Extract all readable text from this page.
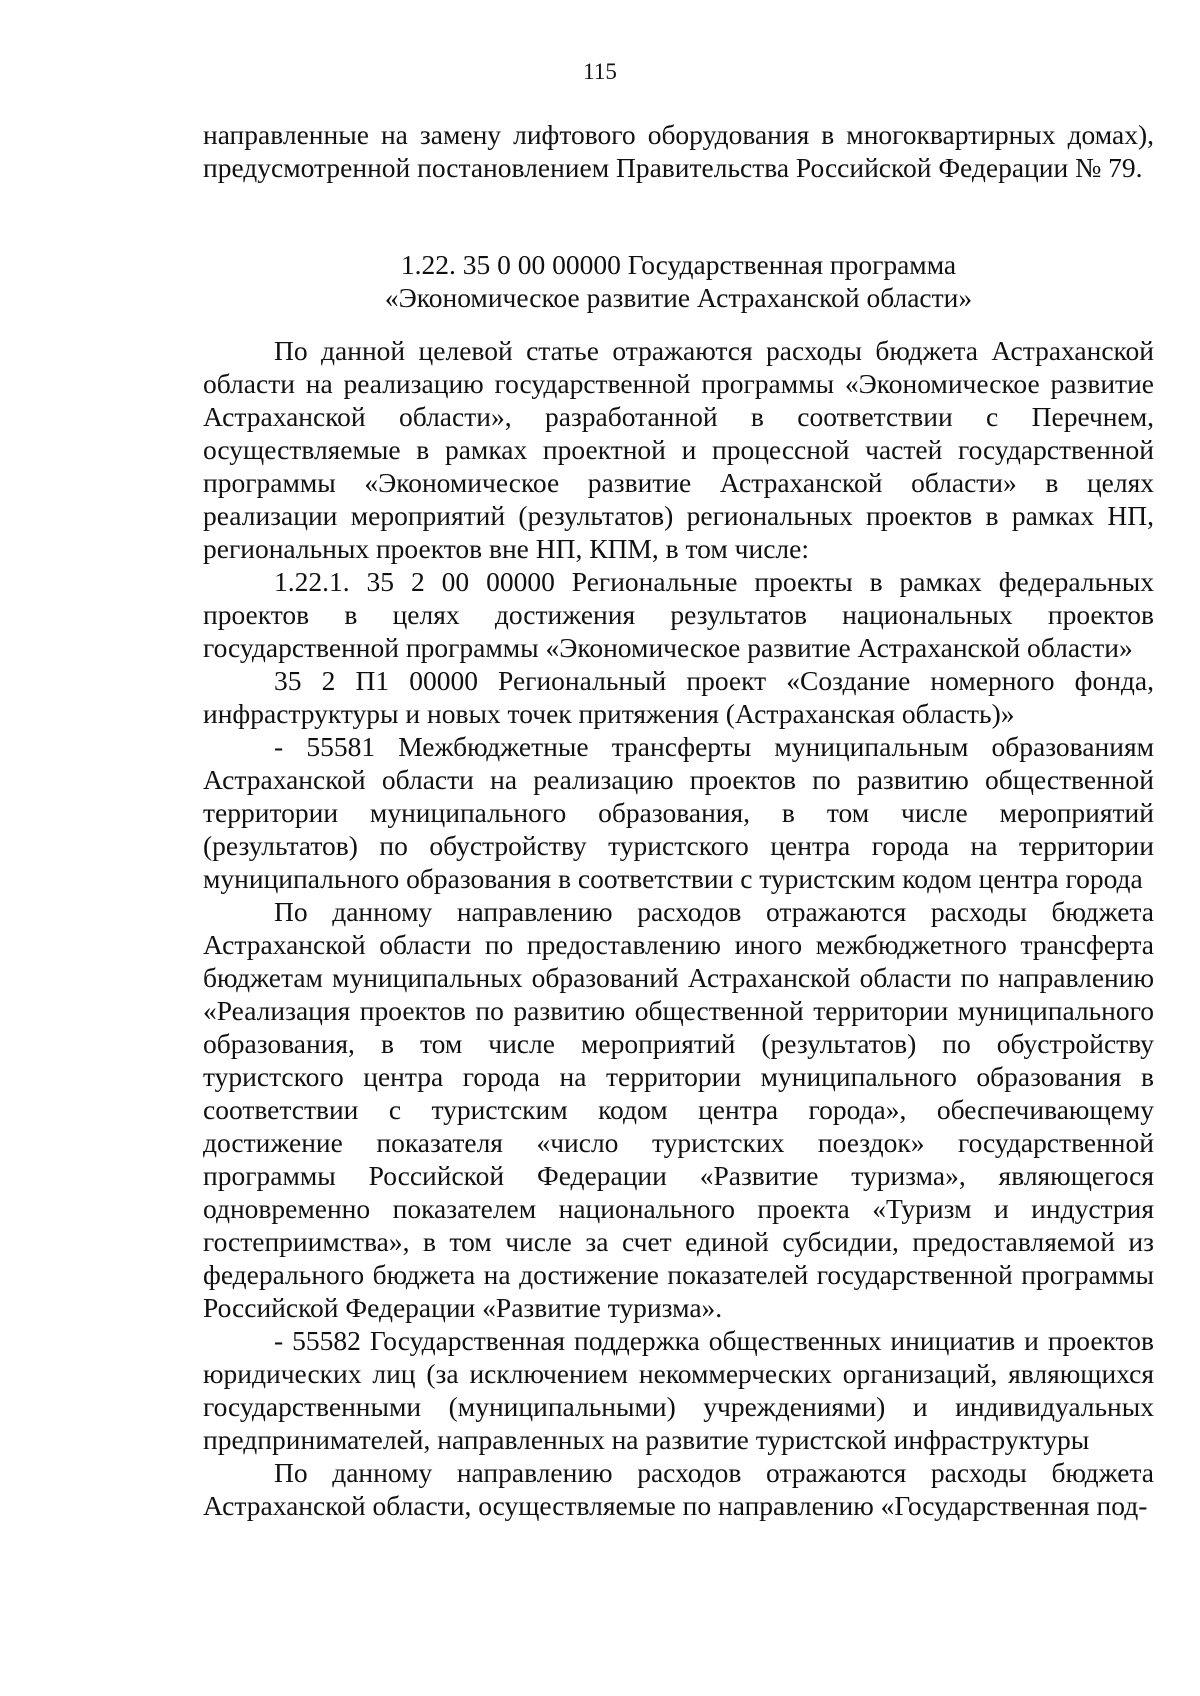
115

направленные на замену лифтового оборудования в многоквартирных домах), предусмотренной постановлением Правительства Российской Федерации № 79.

1.22. 35 0 00 00000 Государственная программа
«Экономическое развитие Астраханской области»

По данной целевой статье отражаются расходы бюджета Астраханской области на реализацию государственной программы «Экономическое развитие Астраханской области», разработанной в соответствии с Перечнем, осуществляемые в рамках проектной и процессной частей государственной программы «Экономическое развитие Астраханской области» в целях реализации мероприятий (результатов) региональных проектов в рамках НП, региональных проектов вне НП, КПМ, в том числе:

1.22.1. 35 2 00 00000 Региональные проекты в рамках федеральных проектов в целях достижения результатов национальных проектов государственной программы «Экономическое развитие Астраханской области»

35 2 П1 00000 Региональный проект «Создание номерного фонда, инфраструктуры и новых точек притяжения (Астраханская область)»

- 55581 Межбюджетные трансферты муниципальным образованиям Астраханской области на реализацию проектов по развитию общественной территории муниципального образования, в том числе мероприятий (результатов) по обустройству туристского центра города на территории муниципального образования в соответствии с туристским кодом центра города

По данному направлению расходов отражаются расходы бюджета Астраханской области по предоставлению иного межбюджетного трансферта бюджетам муниципальных образований Астраханской области по направлению «Реализация проектов по развитию общественной территории муниципального образования, в том числе мероприятий (результатов) по обустройству туристского центра города на территории муниципального образования в соответствии с туристским кодом центра города», обеспечивающему достижение показателя «число туристских поездок» государственной программы Российской Федерации «Развитие туризма», являющегося одновременно показателем национального проекта «Туризм и индустрия гостеприимства», в том числе за счет единой субсидии, предоставляемой из федерального бюджета на достижение показателей государственной программы Российской Федерации «Развитие туризма».

- 55582 Государственная поддержка общественных инициатив и проектов юридических лиц (за исключением некоммерческих организаций, являющихся государственными (муниципальными) учреждениями) и индивидуальных предпринимателей, направленных на развитие туристской инфраструктуры

По данному направлению расходов отражаются расходы бюджета Астраханской области, осуществляемые по направлению «Государственная под-
